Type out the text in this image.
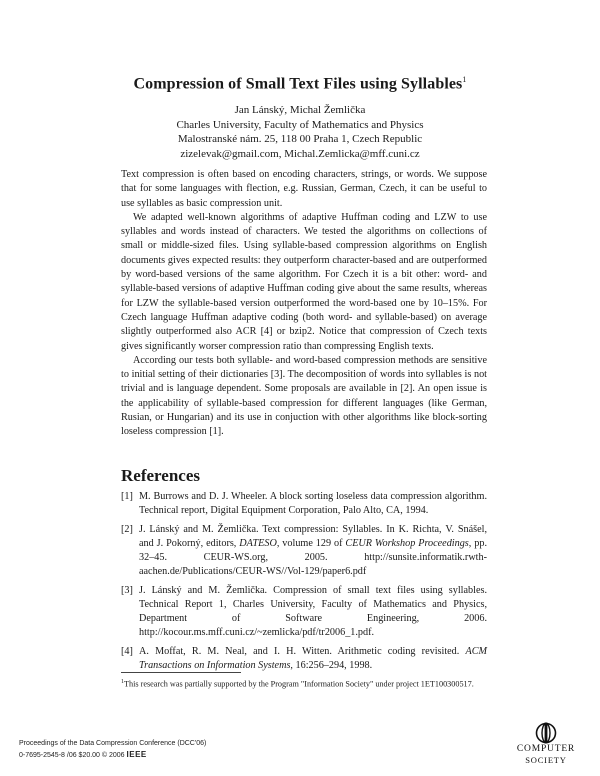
Compression of Small Text Files using Syllables$^1$
Jan Lánský, Michal Žemlička
Charles University, Faculty of Mathematics and Physics
Malostranské nám. 25, 118 00 Praha 1, Czech Republic
zizelevak@gmail.com, Michal.Zemlicka@mff.cuni.cz

Text compression is often based on encoding characters, strings, or words. We suppose that for some languages with flection, e.g. Russian, German, Czech, it can be useful to use syllables as basic compression unit.

We adapted well-known algorithms of adaptive Huffman coding and LZW to use syllables and words instead of characters. We tested the algorithms on collections of small or middle-sized files. Using syllable-based compression algorithms on English documents gives expected results: they outperform character-based and are outperformed by word-based versions of the same algorithm. For Czech it is a bit other: word- and syllable-based versions of adaptive Huffman coding give about the same results, whereas for LZW the syllable-based version outperformed the word-based one by 10–15%. For Czech language Huffman adaptive coding (both word- and syllable-based) on average slightly outperformed also ACR [4] or bzip2. Notice that compression of Czech texts gives significantly worser compression ratio than compressing English texts.

According our tests both syllable- and word-based compression methods are sensitive to initial setting of their dictionaries [3]. The decomposition of words into syllables is not trivial and is language dependent. Some proposals are available in [2]. An open issue is the applicability of syllable-based compression for different languages (like German, Rusian, or Hungarian) and its use in conjuction with other algorithms like block-sorting loseless compression [1].

References
[1] M. Burrows and D. J. Wheeler. A block sorting loseless data compression algorithm. Technical report, Digital Equipment Corporation, Palo Alto, CA, 1994.
[2] J. Lánský and M. Žemlička. Text compression: Syllables. In K. Richta, V. Snášel, and J. Pokorný, editors, DATESO, volume 129 of CEUR Workshop Proceedings, pp. 32–45. CEUR-WS.org, 2005. http://sunsite.informatik.rwth-aachen.de/Publications/CEUR-WS//Vol-129/paper6.pdf
[3] J. Lánský and M. Žemlička. Compression of small text files using syllables. Technical Report 1, Charles University, Faculty of Mathematics and Physics, Department of Software Engineering, 2006. http://kocour.ms.mff.cuni.cz/~zemlicka/pdf/tr2006_1.pdf.
[4] A. Moffat, R. M. Neal, and I. H. Witten. Arithmetic coding revisited. ACM Transactions on Information Systems, 16:256–294, 1998.
$^1$This research was partially supported by the Program "Information Society" under project 1ET100300517.
Proceedings of the Data Compression Conference (DCC'06)
0-7695-2545-8 /06 $20.00 © 2006 IEEE
COMPUTER
SOCIETY
